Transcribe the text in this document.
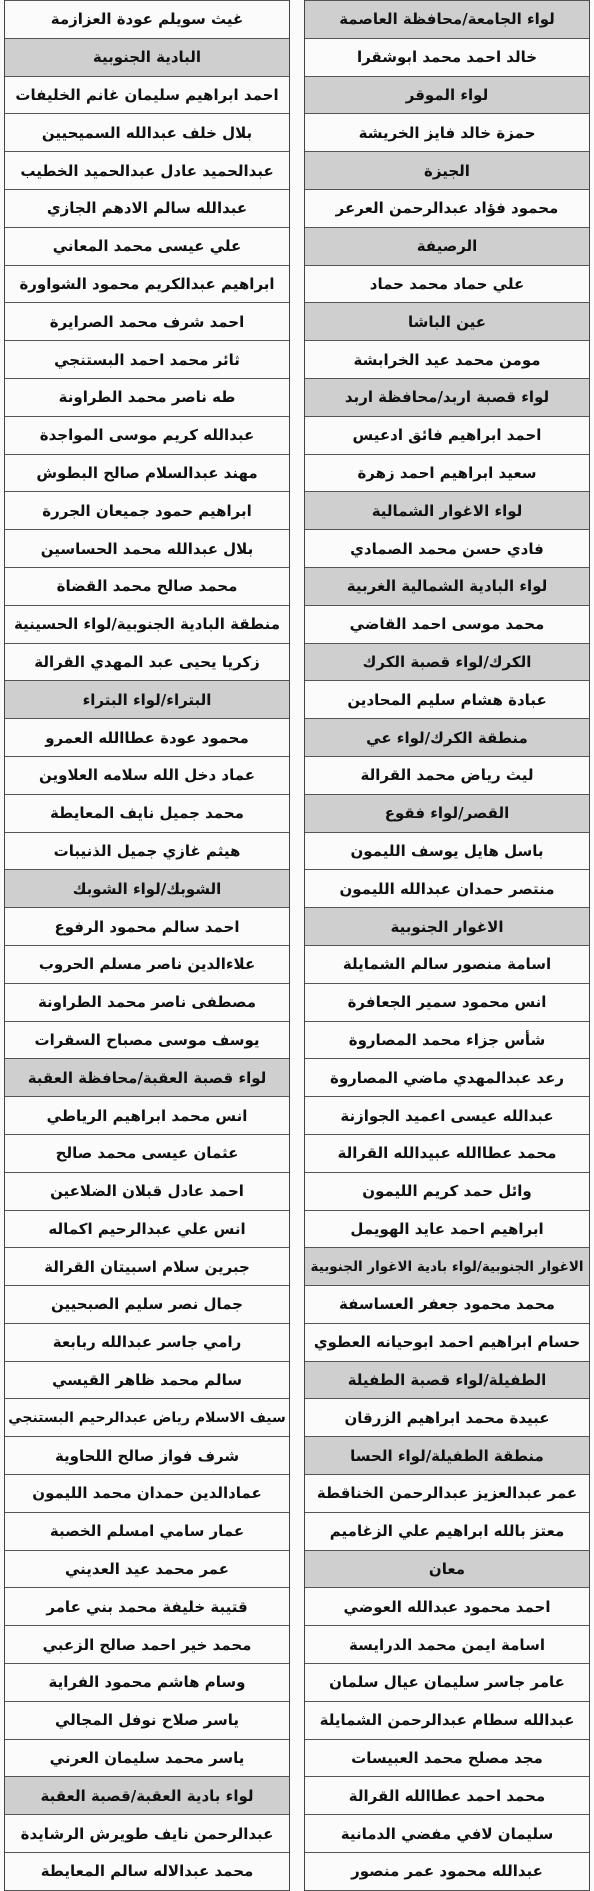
لواء الجامعة/محافظة العاصمة
خالد احمد محمد ابوشقرا
لواء الموقر
حمزة خالد فايز الخريشة
الجيزة
محمود فؤاد عبدالرحمن العرعر
الرصيفة
علي حماد محمد حماد
عين الباشا
مومن محمد عيد الخرابشة
لواء قصبة اربد/محافظة اربد
احمد ابراهيم فائق ادعيس
سعيد ابراهيم احمد زهرة
لواء الاغوار الشمالية
فادي حسن محمد الصمادي
لواء البادية الشمالية الغربية
محمد موسى احمد القاضي
الكرك/لواء قصبة الكرك
عبادة هشام سليم المحادين
منطقة الكرك/لواء عي
ليث رياض محمد القرالة
القصر/لواء فقوع
باسل هايل يوسف الليمون
منتصر حمدان عبدالله الليمون
الاغوار الجنوبية
اسامة منصور سالم الشمايلة
انس محمود سمير الجعافرة
شأس جزاء محمد المصاروة
رعد عبدالمهدي ماضي المصاروة
عبدالله عيسى اعميد الجوازنة
محمد عطاالله عبيدالله القرالة
وائل حمد كريم الليمون
ابراهيم احمد عايد الهويمل
الاغوار الجنوبية/لواء بادية الاغوار الجنوبية
محمد محمود جعفر العساسفة
حسام ابراهيم احمد ابوحيانه العطوي
الطفيلة/لواء قصبة الطفيلة
عبيدة محمد ابراهيم الزرقان
منطقة الطفيلة/لواء الحسا
عمر عبدالعزيز عبدالرحمن الخناقطة
معتز بالله ابراهيم علي الزغاميم
معان
احمد محمود عبدالله العوضي
اسامة ايمن محمد الدرايسة
عامر جاسر سليمان عيال سلمان
عبدالله سطام عبدالرحمن الشمايلة
مجد مصلح محمد العبيسات
محمد احمد عطاالله القرالة
سليمان لافي مفضي الدمانية
عبدالله محمود عمر منصور
غيث سويلم عودة العزازمة
البادية الجنوبية
احمد ابراهيم سليمان غانم الخليفات
بلال خلف عبدالله السميحيين
عبدالحميد عادل عبدالحميد الخطيب
عبدالله سالم الادهم الجازي
علي عيسى محمد المعاني
ابراهيم عبدالكريم محمود الشواورة
احمد شرف محمد الصرايرة
ثائر محمد احمد البستنجي
طه ناصر محمد الطراونة
عبدالله كريم موسى المواجدة
مهند عبدالسلام صالح البطوش
ابراهيم حمود جميعان الجررة
بلال عبدالله محمد الحساسين
محمد صالح محمد القضاة
منطقة البادية الجنوبية/لواء الحسينية
زكريا يحيى عبد المهدي القرالة
البتراء/لواء البتراء
محمود عودة عطاالله العمرو
عماد دخل الله سلامه العلاوين
محمد جميل نايف المعايطة
هيثم غازي جميل الذنيبات
الشوبك/لواء الشوبك
احمد سالم محمود الرفوع
علاءالدين ناصر مسلم الحروب
مصطفى ناصر محمد الطراونة
يوسف موسى مصباح السقرات
لواء قصبة العقبة/محافظة العقبة
انس محمد ابراهيم الرياطي
عثمان عيسى محمد صالح
احمد عادل قبلان الضلاعين
انس علي عبدالرحيم اكماله
جبرين سلام اسبيتان القرالة
جمال نصر سليم الصبحيين
رامي جاسر عبدالله ربابعة
سالم محمد ظاهر القيسي
سيف الاسلام رياض عبدالرحيم البستنجي
شرف فواز صالح اللحاوية
عمادالدين حمدان محمد الليمون
عمار سامي امسلم الخصبة
عمر محمد عيد العديني
قتيبة خليفة محمد بني عامر
محمد خير احمد صالح الزعبي
وسام هاشم محمود الفراية
ياسر صلاح نوفل المجالي
ياسر محمد سليمان العرني
لواء بادية العقبة/قصبة العقبة
عبدالرحمن نايف طويرش الرشايدة
محمد عبدالاله سالم المعايطة
